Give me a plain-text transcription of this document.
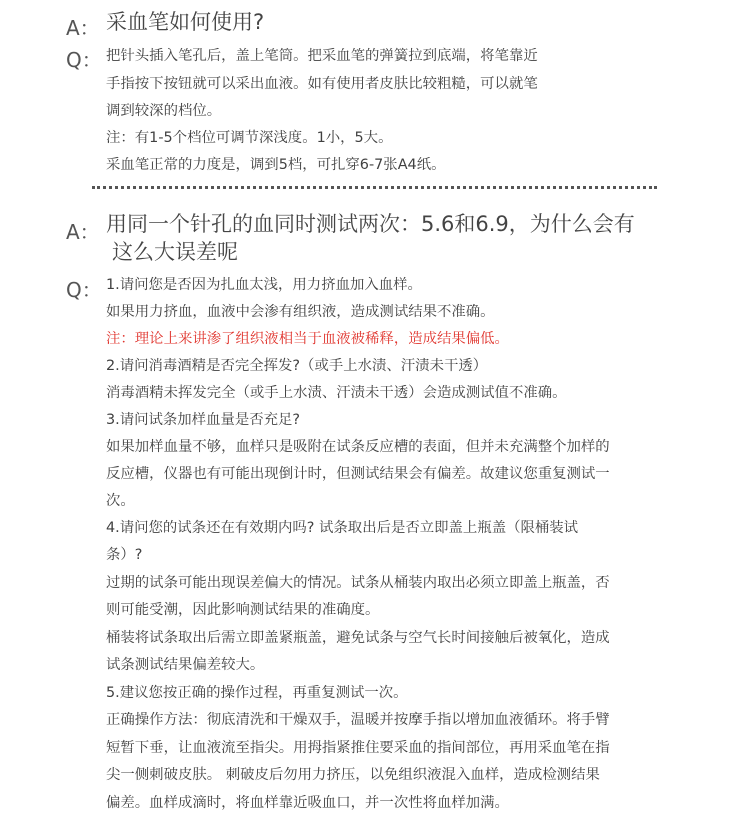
A： 采血笔如何使用?
Q： 把针头插入笔孔后，盖上笔筒。把采血笔的弹簧拉到底端，将笔靠近
手指按下按钮就可以采出血液。如有使用者皮肤比较粗糙，可以就笔
调到较深的档位。
注：有1-5个档位可调节深浅度。1小，5大。
采血笔正常的力度是，调到5档，可扎穿6-7张A4纸。
A： 用同一个针孔的血同时测试两次：5.6和6.9，为什么会有
这么大误差呢
Q： 1.请问您是否因为扎血太浅，用力挤血加入血样。
如果用力挤血，血液中会渗有组织液，造成测试结果不准确。
注：理论上来讲渗了组织液相当于血液被稀释，造成结果偏低。
2.请问消毒酒精是否完全挥发?（或手上水渍、汗渍未干透）
消毒酒精未挥发完全（或手上水渍、汗渍未干透）会造成测试值不准确。
3.请问试条加样血量是否充足?
如果加样血量不够，血样只是吸附在试条反应槽的表面，但并未充满整个加样的
反应槽，仪器也有可能出现倒计时，但测试结果会有偏差。故建议您重复测试一
次。
4.请问您的试条还在有效期内吗? 试条取出后是否立即盖上瓶盖（限桶装试
条）?
过期的试条可能出现误差偏大的情况。试条从桶装内取出必须立即盖上瓶盖，否
则可能受潮，因此影响测试结果的准确度。
桶装将试条取出后需立即盖紧瓶盖，避免试条与空气长时间接触后被氧化，造成
试条测试结果偏差较大。
5.建议您按正确的操作过程，再重复测试一次。
正确操作方法：彻底清洗和干燥双手，温暖并按摩手指以增加血液循环。将手臂
短暂下垂，让血液流至指尖。用拇指紧推住要采血的指间部位，再用采血笔在指
尖一侧刺破皮肤。 刺破皮后勿用力挤压，以免组织液混入血样，造成检测结果
偏差。血样成滴时，将血样靠近吸血口，并一次性将血样加满。
